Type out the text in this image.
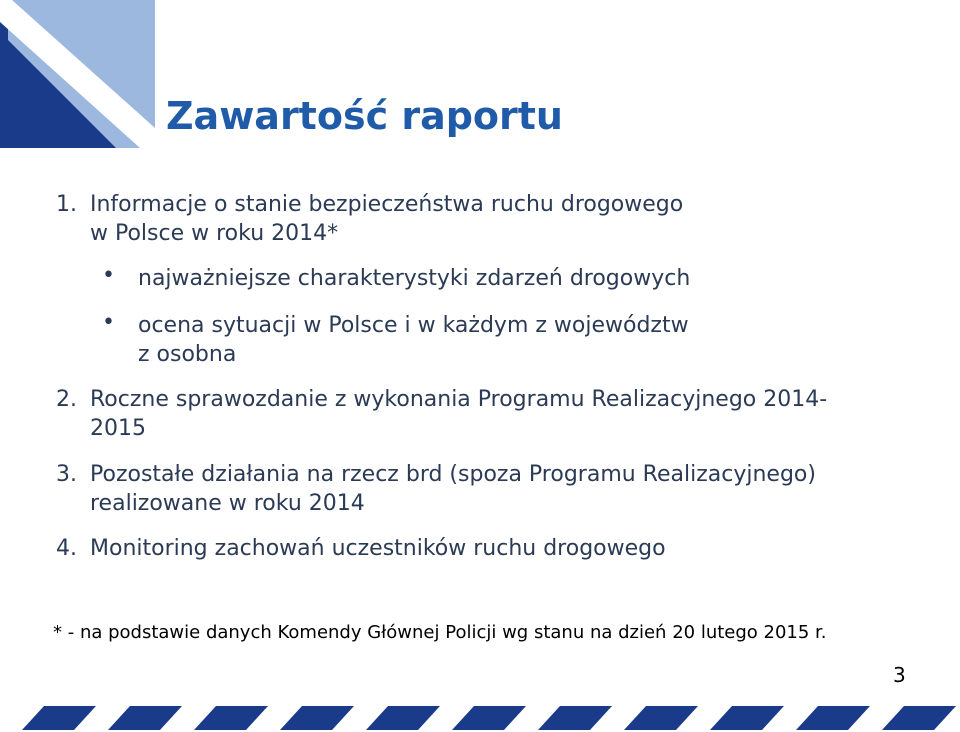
Zawartość raportu
1. Informacje o stanie bezpieczeństwa ruchu drogowego
w Polsce w roku 2014*
•	najważniejsze charakterystyki zdarzeń drogowych
•	ocena sytuacji w Polsce i w każdym z województw
z osobna
2. Roczne sprawozdanie z wykonania Programu Realizacyjnego 2014-
2015
3. Pozostałe działania na rzecz brd (spoza Programu Realizacyjnego)
realizowane w roku 2014
4. Monitoring zachowań uczestników ruchu drogowego
* - na podstawie danych Komendy Głównej Policji wg stanu na dzień 20 lutego 2015 r.
3
